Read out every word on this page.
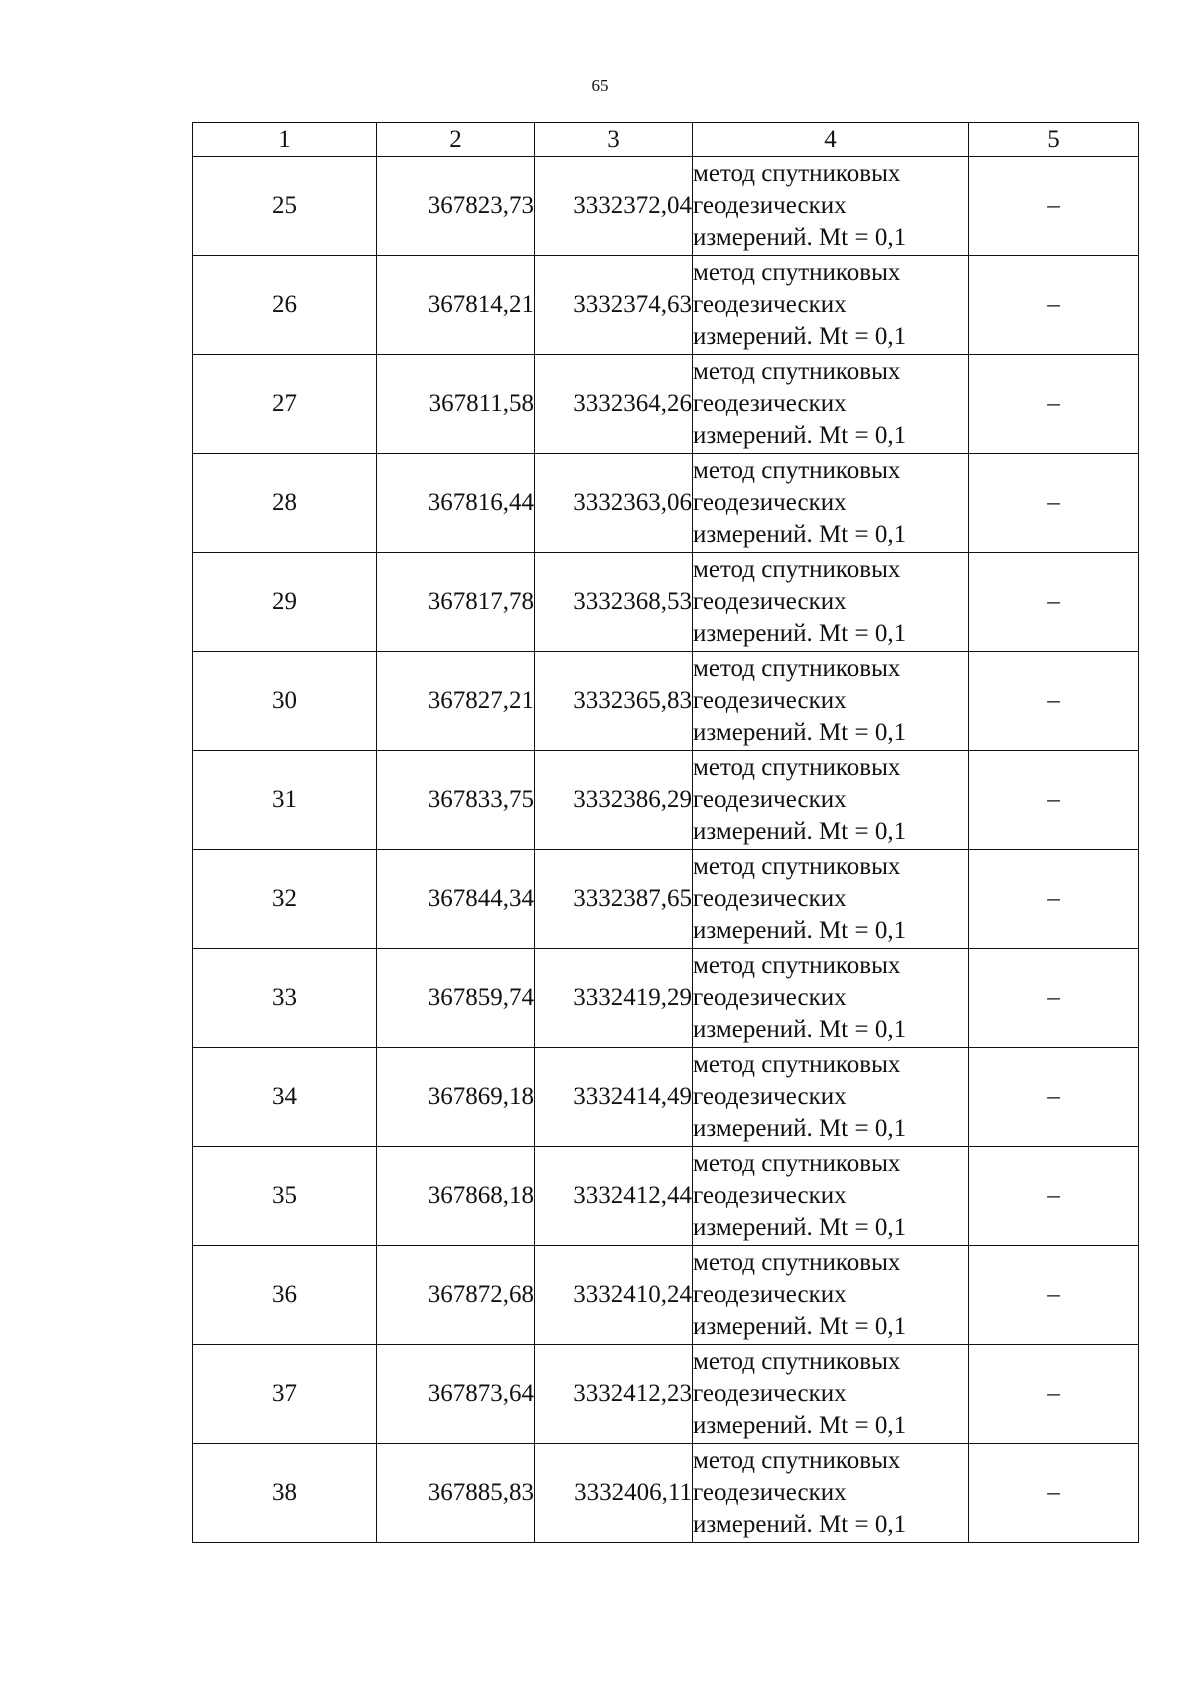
65
1	2	3	4	5
25	367823,73	3332372,04	метод спутниковых
геодезических
измерений. Mt = 0,1	–
26	367814,21	3332374,63	метод спутниковых
геодезических
измерений. Mt = 0,1	–
27	367811,58	3332364,26	метод спутниковых
геодезических
измерений. Mt = 0,1	–
28	367816,44	3332363,06	метод спутниковых
геодезических
измерений. Mt = 0,1	–
29	367817,78	3332368,53	метод спутниковых
геодезических
измерений. Mt = 0,1	–
30	367827,21	3332365,83	метод спутниковых
геодезических
измерений. Mt = 0,1	–
31	367833,75	3332386,29	метод спутниковых
геодезических
измерений. Mt = 0,1	–
32	367844,34	3332387,65	метод спутниковых
геодезических
измерений. Mt = 0,1	–
33	367859,74	3332419,29	метод спутниковых
геодезических
измерений. Mt = 0,1	–
34	367869,18	3332414,49	метод спутниковых
геодезических
измерений. Mt = 0,1	–
35	367868,18	3332412,44	метод спутниковых
геодезических
измерений. Mt = 0,1	–
36	367872,68	3332410,24	метод спутниковых
геодезических
измерений. Mt = 0,1	–
37	367873,64	3332412,23	метод спутниковых
геодезических
измерений. Mt = 0,1	–
38	367885,83	3332406,11	метод спутниковых
геодезических
измерений. Mt = 0,1	–
